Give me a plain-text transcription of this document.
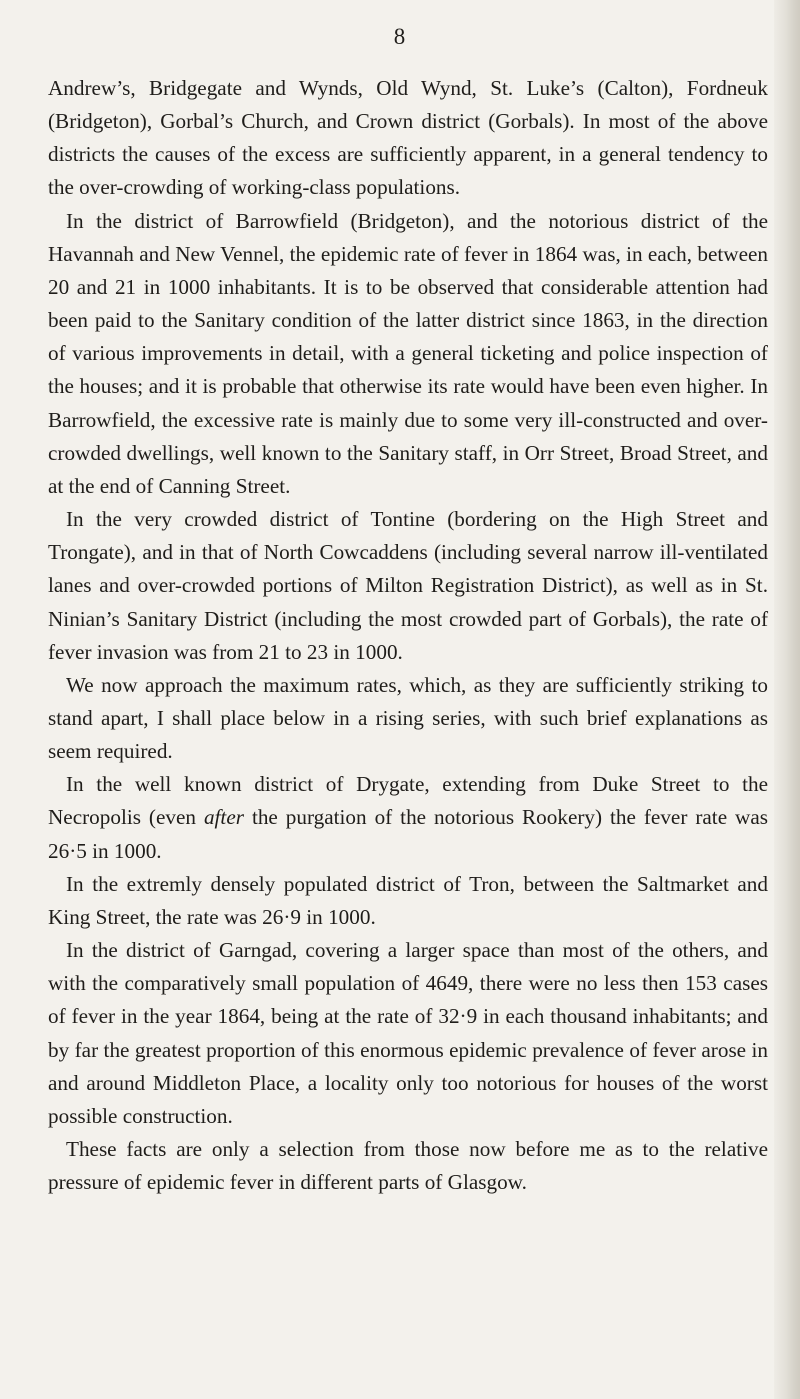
8

Andrew’s, Bridgegate and Wynds, Old Wynd, St. Luke’s (Calton), Fordneuk (Bridgeton), Gorbal’s Church, and Crown district (Gorbals). In most of the above districts the causes of the excess are sufficiently apparent, in a general tendency to the over-crowding of working-class populations.

In the district of Barrowfield (Bridgeton), and the notorious district of the Havannah and New Vennel, the epidemic rate of fever in 1864 was, in each, between 20 and 21 in 1000 inhabitants. It is to be observed that considerable attention had been paid to the Sanitary condition of the latter district since 1863, in the direction of various improvements in detail, with a general ticketing and police inspection of the houses; and it is probable that otherwise its rate would have been even higher. In Barrowfield, the excessive rate is mainly due to some very ill-constructed and over-crowded dwellings, well known to the Sanitary staff, in Orr Street, Broad Street, and at the end of Canning Street.

In the very crowded district of Tontine (bordering on the High Street and Trongate), and in that of North Cowcaddens (including several narrow ill-ventilated lanes and over-crowded portions of Milton Registration District), as well as in St. Ninian’s Sanitary District (including the most crowded part of Gorbals), the rate of fever invasion was from 21 to 23 in 1000.

We now approach the maximum rates, which, as they are sufficiently striking to stand apart, I shall place below in a rising series, with such brief explanations as seem required.

In the well known district of Drygate, extending from Duke Street to the Necropolis (even after the purgation of the notorious Rookery) the fever rate was 26·5 in 1000.

In the extremly densely populated district of Tron, between the Saltmarket and King Street, the rate was 26·9 in 1000.

In the district of Garngad, covering a larger space than most of the others, and with the comparatively small population of 4649, there were no less then 153 cases of fever in the year 1864, being at the rate of 32·9 in each thousand inhabitants; and by far the greatest proportion of this enormous epidemic prevalence of fever arose in and around Middleton Place, a locality only too notorious for houses of the worst possible construction.

These facts are only a selection from those now before me as to the relative pressure of epidemic fever in different parts of Glasgow.
